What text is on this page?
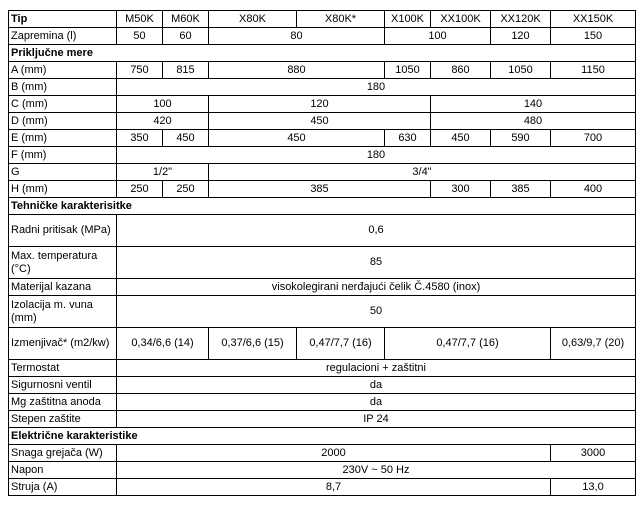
Tip	M50K	M60K	X80K	X80K*	X100K	XX100K	XX120K	XX150K
Zapremina (l)	50	60	80		100		120	150
Priključne mere								
A (mm)	750	815	880		1050	860	1050	1150
B (mm)	180							
C (mm)	100		120			140		
D (mm)	420		450			480		
E (mm)	350	450	450		630	450	590	700
F (mm)	180							
G	1/2"		3/4"					
H (mm)	250	250	385			300	385	400
Tehničke karakterisitke								
Radni pritisak (MPa)	0,6							
Max. temperatura (°C)	85							
Materijal kazana	visokolegirani nerđajući čelik Č.4580 (inox)							
Izolacija m. vuna (mm)	50							
Izmenjivač* (m2/kw)	0,34/6,6 (14)		0,37/6,6 (15)	0,47/7,7 (16)	0,47/7,7 (16)			0,63/9,7 (20)
Termostat	regulacioni + zaštitni							
Sigurnosni ventil	da							
Mg zaštitna anoda	da							
Stepen zaštite	IP 24							
Električne karakteristike								
Snaga grejača (W)	2000							3000
Napon	230V ~ 50 Hz							
Struja (A)	8,7							13,0
